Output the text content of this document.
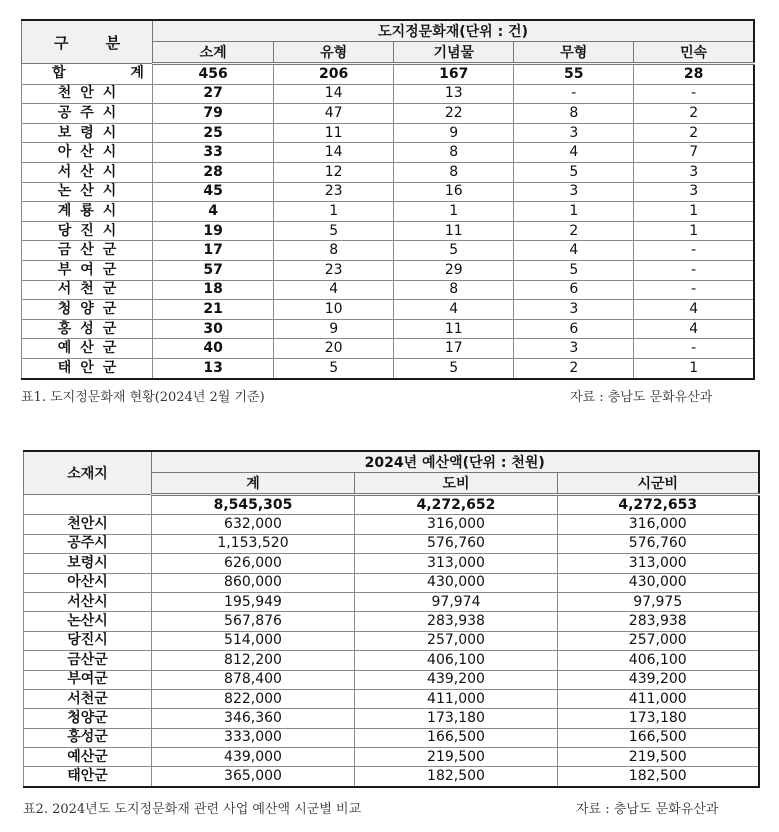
구 분	도지정문화재(단위 : 건)				
	소계	유형	기념물	무형	민속
합 계	456	206	167	55	28
천안시	27	14	13	-	-
공주시	79	47	22	8	2
보령시	25	11	9	3	2
아산시	33	14	8	4	7
서산시	28	12	8	5	3
논산시	45	23	16	3	3
계룡시	4	1	1	1	1
당진시	19	5	11	2	1
금산군	17	8	5	4	-
부여군	57	23	29	5	-
서천군	18	4	8	6	-
청양군	21	10	4	3	4
홍성군	30	9	11	6	4
예산군	40	20	17	3	-
태안군	13	5	5	2	1
표1. 도지정문화재 현황(2024년 2월 기준)	자료 : 충남도 문화유산과
소재지	2024년 예산액(단위 : 천원)		
	계	도비	시군비
	8,545,305	4,272,652	4,272,653
천안시	632,000	316,000	316,000
공주시	1,153,520	576,760	576,760
보령시	626,000	313,000	313,000
아산시	860,000	430,000	430,000
서산시	195,949	97,974	97,975
논산시	567,876	283,938	283,938
당진시	514,000	257,000	257,000
금산군	812,200	406,100	406,100
부여군	878,400	439,200	439,200
서천군	822,000	411,000	411,000
청양군	346,360	173,180	173,180
홍성군	333,000	166,500	166,500
예산군	439,000	219,500	219,500
태안군	365,000	182,500	182,500
표2. 2024년도 도지정문화재 관련 사업 예산액 시군별 비교	자료 : 충남도 문화유산과
